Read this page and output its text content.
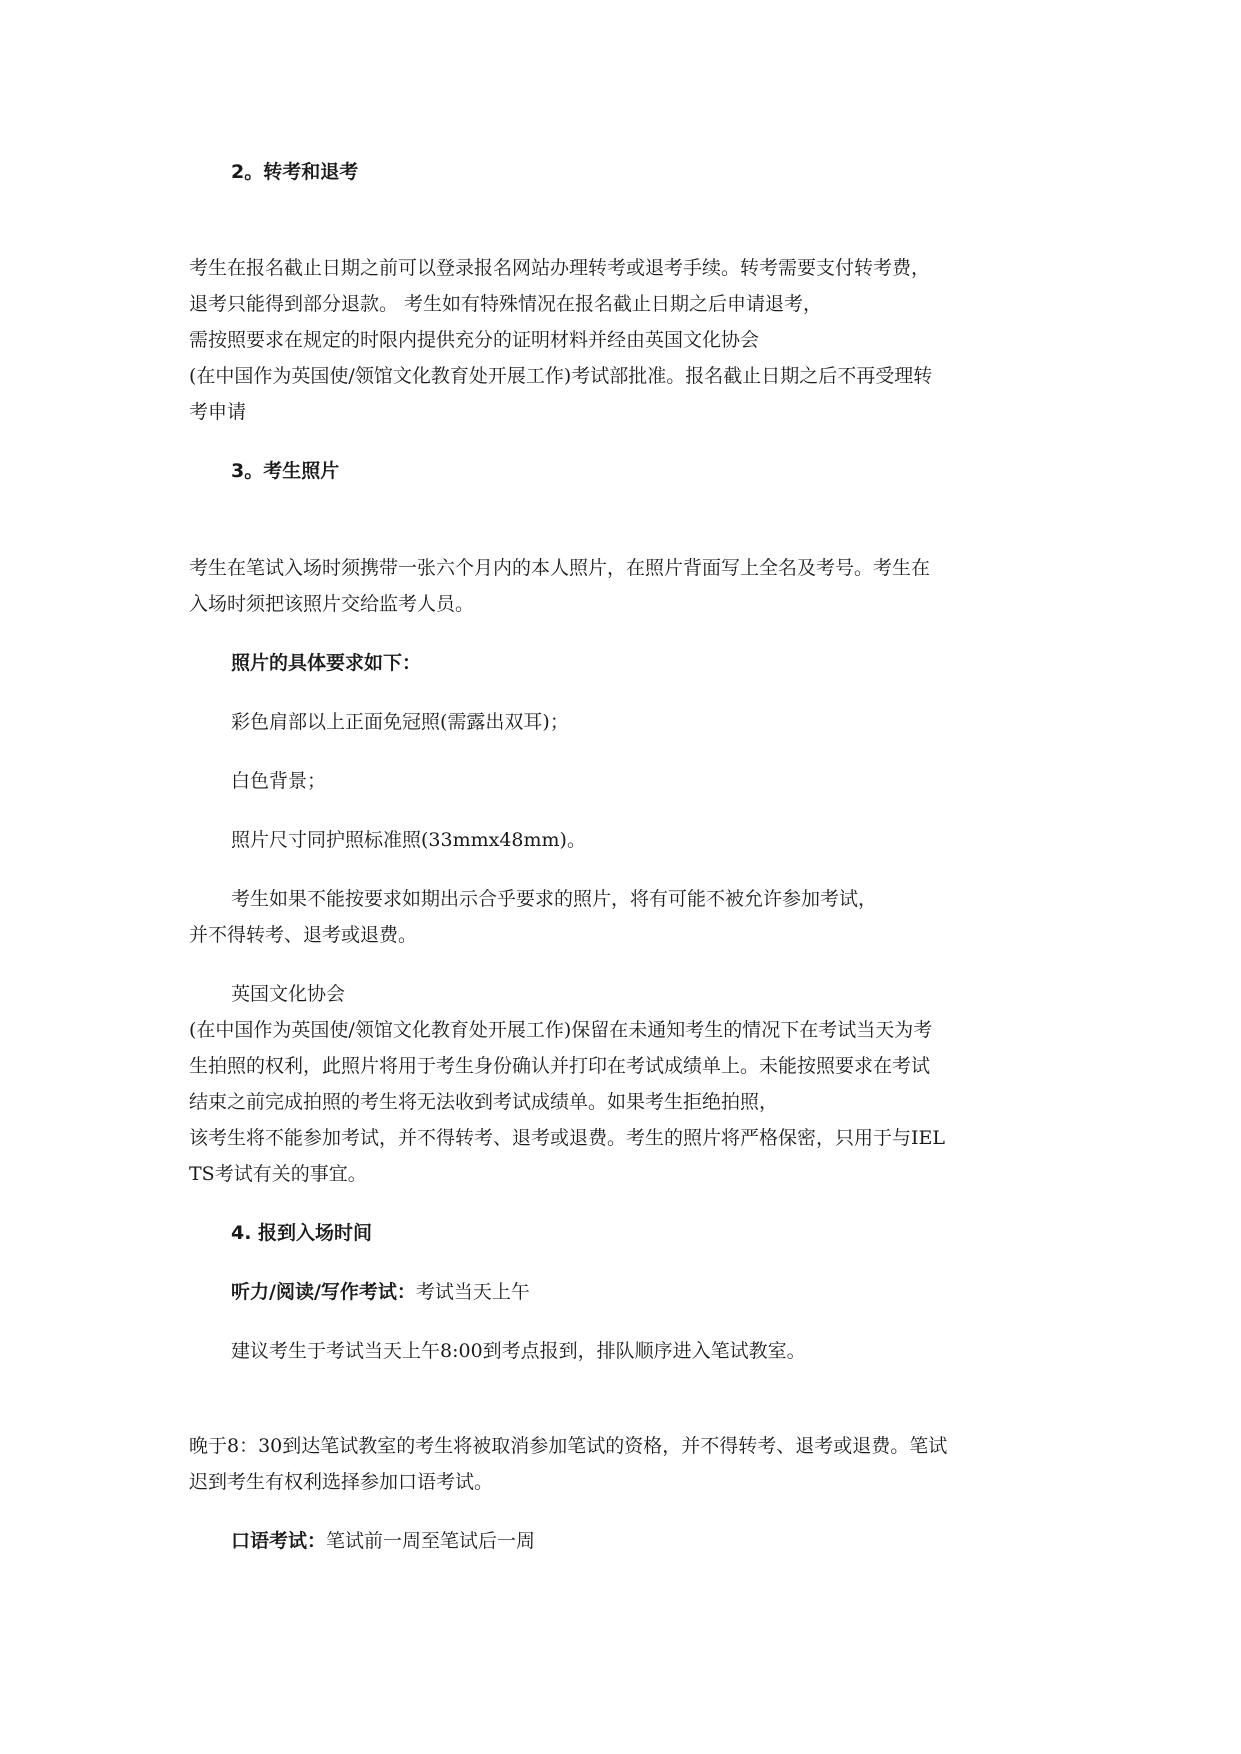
2。转考和退考
考生在报名截止日期之前可以登录报名网站办理转考或退考手续。转考需要支付转考费，
退考只能得到部分退款。 考生如有特殊情况在报名截止日期之后申请退考，
需按照要求在规定的时限内提供充分的证明材料并经由英国文化协会
(在中国作为英国使/领馆文化教育处开展工作)考试部批准。报名截止日期之后不再受理转
考申请
3。考生照片
考生在笔试入场时须携带一张六个月内的本人照片，在照片背面写上全名及考号。考生在
入场时须把该照片交给监考人员。
照片的具体要求如下：
彩色肩部以上正面免冠照(需露出双耳)；
白色背景；
照片尺寸同护照标准照(33mmx48mm)。
考生如果不能按要求如期出示合乎要求的照片，将有可能不被允许参加考试，
并不得转考、退考或退费。
英国文化协会
(在中国作为英国使/领馆文化教育处开展工作)保留在未通知考生的情况下在考试当天为考
生拍照的权利，此照片将用于考生身份确认并打印在考试成绩单上。未能按照要求在考试
结束之前完成拍照的考生将无法收到考试成绩单。如果考生拒绝拍照，
该考生将不能参加考试，并不得转考、退考或退费。考生的照片将严格保密，只用于与IEL
TS考试有关的事宜。
4. 报到入场时间
听力/阅读/写作考试：考试当天上午
建议考生于考试当天上午8:00到考点报到，排队顺序进入笔试教室。
晚于8：30到达笔试教室的考生将被取消参加笔试的资格，并不得转考、退考或退费。笔试
迟到考生有权利选择参加口语考试。
口语考试：笔试前一周至笔试后一周
